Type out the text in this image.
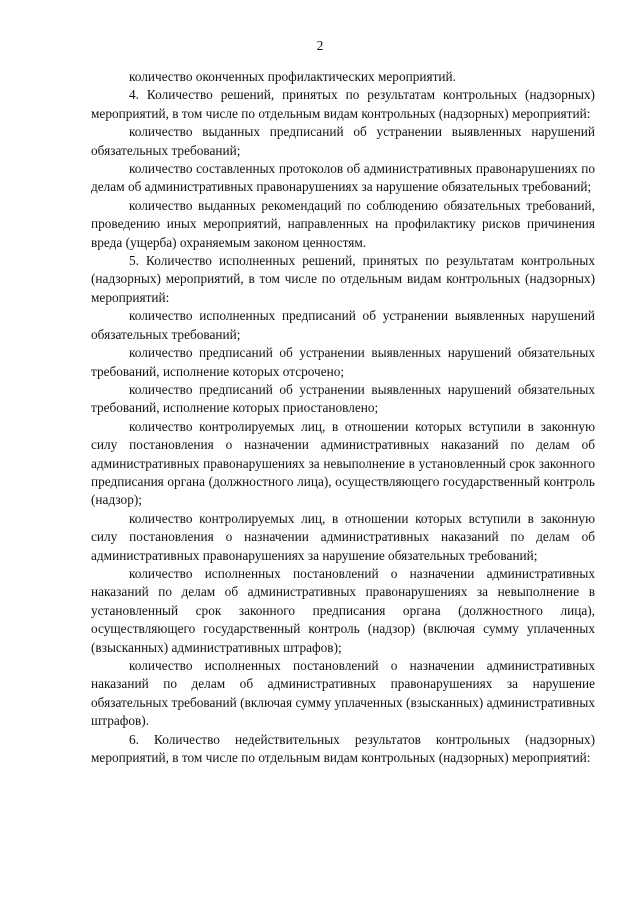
2

количество оконченных профилактических мероприятий.

4. Количество решений, принятых по результатам контрольных (надзорных) мероприятий, в том числе по отдельным видам контрольных (надзорных) мероприятий:

количество выданных предписаний об устранении выявленных нарушений обязательных требований;

количество составленных протоколов об административных правонарушениях по делам об административных правонарушениях за нарушение обязательных требований;

количество выданных рекомендаций по соблюдению обязательных требований, проведению иных мероприятий, направленных на профилактику рисков причинения вреда (ущерба) охраняемым законом ценностям.

5. Количество исполненных решений, принятых по результатам контрольных (надзорных) мероприятий, в том числе по отдельным видам контрольных (надзорных) мероприятий:

количество исполненных предписаний об устранении выявленных нарушений обязательных требований;

количество предписаний об устранении выявленных нарушений обязательных требований, исполнение которых отсрочено;

количество предписаний об устранении выявленных нарушений обязательных требований, исполнение которых приостановлено;

количество контролируемых лиц, в отношении которых вступили в законную силу постановления о назначении административных наказаний по делам об административных правонарушениях за невыполнение в установленный срок законного предписания органа (должностного лица), осуществляющего государственный контроль (надзор);

количество контролируемых лиц, в отношении которых вступили в законную силу постановления о назначении административных наказаний по делам об административных правонарушениях за нарушение обязательных требований;

количество исполненных постановлений о назначении административных наказаний по делам об административных правонарушениях за невыполнение в установленный срок законного предписания органа (должностного лица), осуществляющего государственный контроль (надзор) (включая сумму уплаченных (взысканных) административных штрафов);

количество исполненных постановлений о назначении административных наказаний по делам об административных правонарушениях за нарушение обязательных требований (включая сумму уплаченных (взысканных) административных штрафов).

6. Количество недействительных результатов контрольных (надзорных) мероприятий, в том числе по отдельным видам контрольных (надзорных) мероприятий:
